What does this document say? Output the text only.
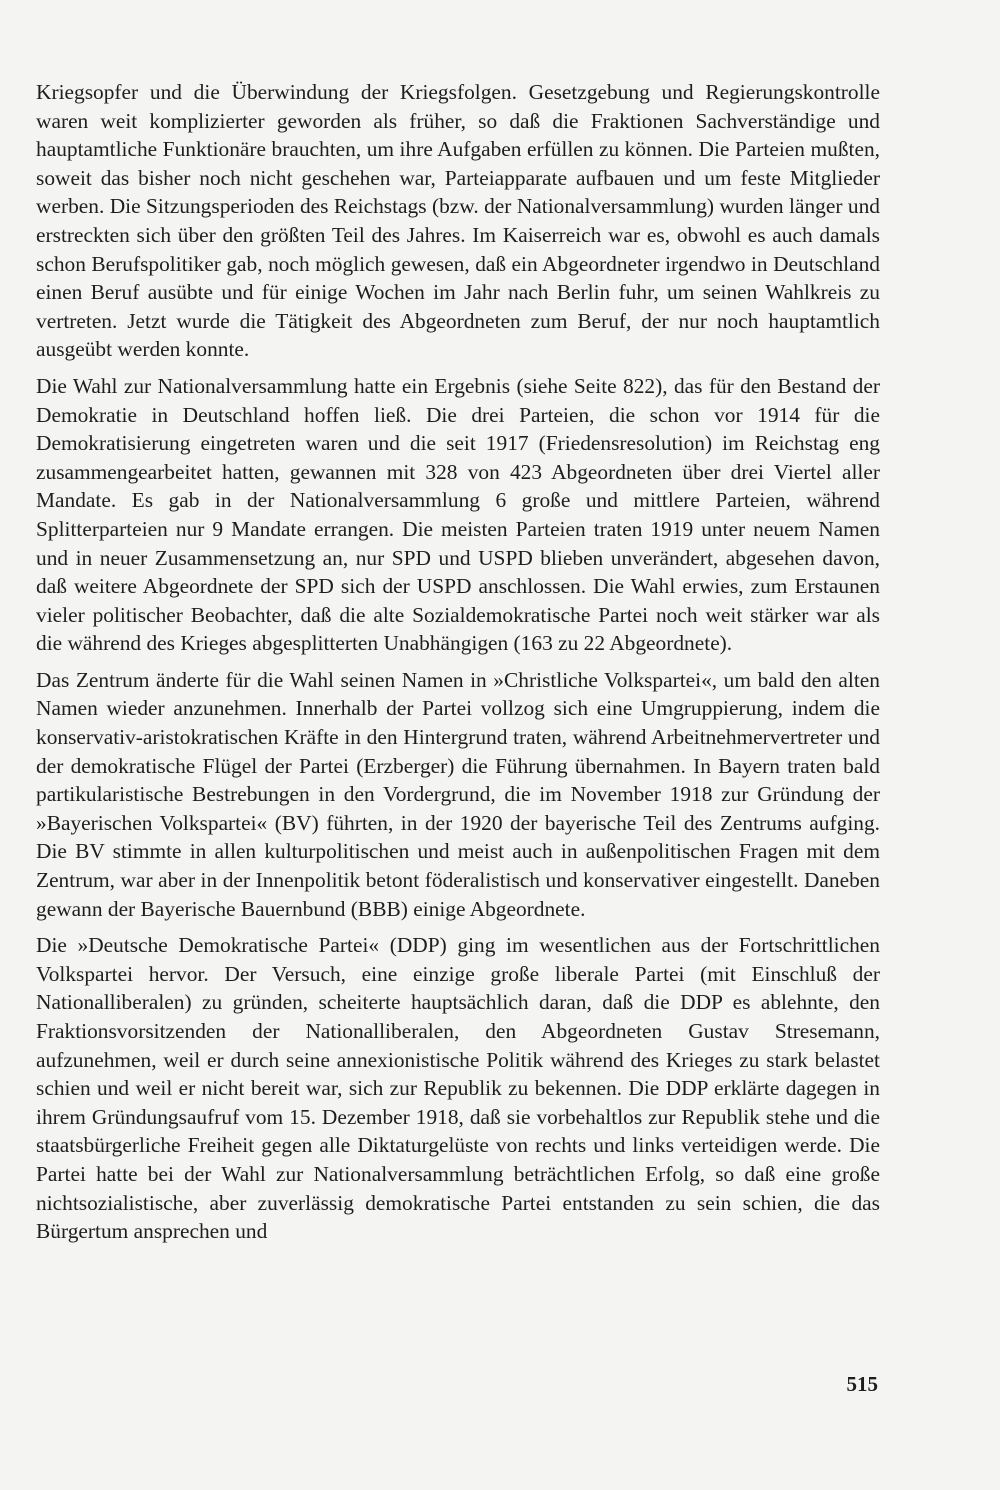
Kriegsopfer und die Überwindung der Kriegsfolgen. Gesetzgebung und Regierungskontrolle waren weit komplizierter geworden als früher, so daß die Fraktionen Sachverständige und hauptamtliche Funktionäre brauchten, um ihre Aufgaben erfüllen zu können. Die Parteien mußten, soweit das bisher noch nicht geschehen war, Parteiapparate aufbauen und um feste Mitglieder werben. Die Sitzungsperioden des Reichstags (bzw. der Nationalversammlung) wurden länger und erstreckten sich über den größten Teil des Jahres. Im Kaiserreich war es, obwohl es auch damals schon Berufspolitiker gab, noch möglich gewesen, daß ein Abgeordneter irgendwo in Deutschland einen Beruf ausübte und für einige Wochen im Jahr nach Berlin fuhr, um seinen Wahlkreis zu vertreten. Jetzt wurde die Tätigkeit des Abgeordneten zum Beruf, der nur noch hauptamtlich ausgeübt werden konnte.

Die Wahl zur Nationalversammlung hatte ein Ergebnis (siehe Seite 822), das für den Bestand der Demokratie in Deutschland hoffen ließ. Die drei Parteien, die schon vor 1914 für die Demokratisierung eingetreten waren und die seit 1917 (Friedensresolution) im Reichstag eng zusammengearbeitet hatten, gewannen mit 328 von 423 Abgeordneten über drei Viertel aller Mandate. Es gab in der Nationalversammlung 6 große und mittlere Parteien, während Splitterparteien nur 9 Mandate errangen. Die meisten Parteien traten 1919 unter neuem Namen und in neuer Zusammensetzung an, nur SPD und USPD blieben unverändert, abgesehen davon, daß weitere Abgeordnete der SPD sich der USPD anschlossen. Die Wahl erwies, zum Erstaunen vieler politischer Beobachter, daß die alte Sozialdemokratische Partei noch weit stärker war als die während des Krieges abgesplitterten Unabhängigen (163 zu 22 Abgeordnete).

Das Zentrum änderte für die Wahl seinen Namen in »Christliche Volkspartei«, um bald den alten Namen wieder anzunehmen. Innerhalb der Partei vollzog sich eine Umgruppierung, indem die konservativ-aristokratischen Kräfte in den Hintergrund traten, während Arbeitnehmervertreter und der demokratische Flügel der Partei (Erzberger) die Führung übernahmen. In Bayern traten bald partikularistische Bestrebungen in den Vordergrund, die im November 1918 zur Gründung der »Bayerischen Volkspartei« (BV) führten, in der 1920 der bayerische Teil des Zentrums aufging. Die BV stimmte in allen kulturpolitischen und meist auch in außenpolitischen Fragen mit dem Zentrum, war aber in der Innenpolitik betont föderalistisch und konservativer eingestellt. Daneben gewann der Bayerische Bauernbund (BBB) einige Abgeordnete.

Die »Deutsche Demokratische Partei« (DDP) ging im wesentlichen aus der Fortschrittlichen Volkspartei hervor. Der Versuch, eine einzige große liberale Partei (mit Einschluß der Nationalliberalen) zu gründen, scheiterte hauptsächlich daran, daß die DDP es ablehnte, den Fraktionsvorsitzenden der Nationalliberalen, den Abgeordneten Gustav Stresemann, aufzunehmen, weil er durch seine annexionistische Politik während des Krieges zu stark belastet schien und weil er nicht bereit war, sich zur Republik zu bekennen. Die DDP erklärte dagegen in ihrem Gründungsaufruf vom 15. Dezember 1918, daß sie vorbehaltlos zur Republik stehe und die staatsbürgerliche Freiheit gegen alle Diktaturgelüste von rechts und links verteidigen werde. Die Partei hatte bei der Wahl zur Nationalversammlung beträchtlichen Erfolg, so daß eine große nichtsozialistische, aber zuverlässig demokratische Partei entstanden zu sein schien, die das Bürgertum ansprechen und

515
